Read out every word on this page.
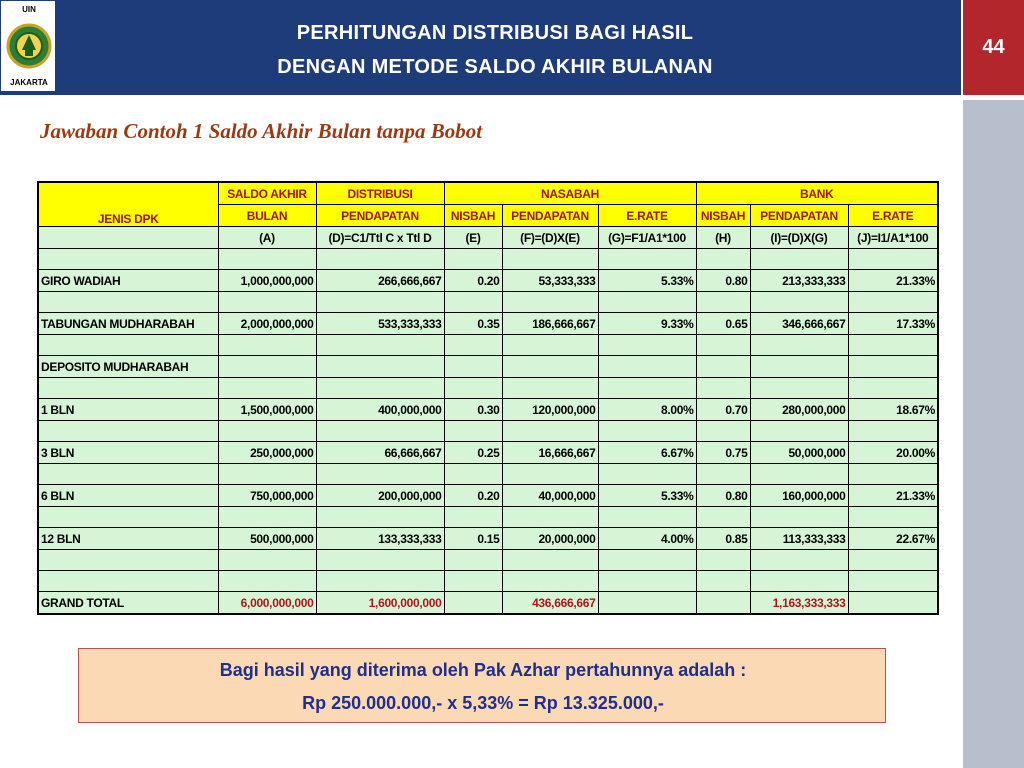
UIN
JAKARTA
PERHITUNGAN DISTRIBUSI BAGI HASIL
DENGAN METODE SALDO AKHIR BULANAN
44
Jawaban Contoh 1 Saldo Akhir Bulan tanpa Bobot
JENIS DPK	SALDO AKHIR	DISTRIBUSI	NASABAH			BANK		
	BULAN	PENDAPATAN	NISBAH	PENDAPATAN	E.RATE	NISBAH	PENDAPATAN	E.RATE
	(A)	(D)=C1/Ttl C x Ttl D	(E)	(F)=(D)X(E)	(G)=F1/A1*100	(H)	(I)=(D)X(G)	(J)=I1/A1*100

GIRO WADIAH	1,000,000,000	266,666,667	0.20	53,333,333	5.33%	0.80	213,333,333	21.33%

TABUNGAN MUDHARABAH	2,000,000,000	533,333,333	0.35	186,666,667	9.33%	0.65	346,666,667	17.33%

DEPOSITO MUDHARABAH								

1 BLN	1,500,000,000	400,000,000	0.30	120,000,000	8.00%	0.70	280,000,000	18.67%

3 BLN	250,000,000	66,666,667	0.25	16,666,667	6.67%	0.75	50,000,000	20.00%

6 BLN	750,000,000	200,000,000	0.20	40,000,000	5.33%	0.80	160,000,000	21.33%

12 BLN	500,000,000	133,333,333	0.15	20,000,000	4.00%	0.85	113,333,333	22.67%

GRAND TOTAL	6,000,000,000	1,600,000,000		436,666,667			1,163,333,333	
Bagi hasil yang diterima oleh Pak Azhar pertahunnya adalah :
Rp 250.000.000,- x 5,33% = Rp 13.325.000,-
